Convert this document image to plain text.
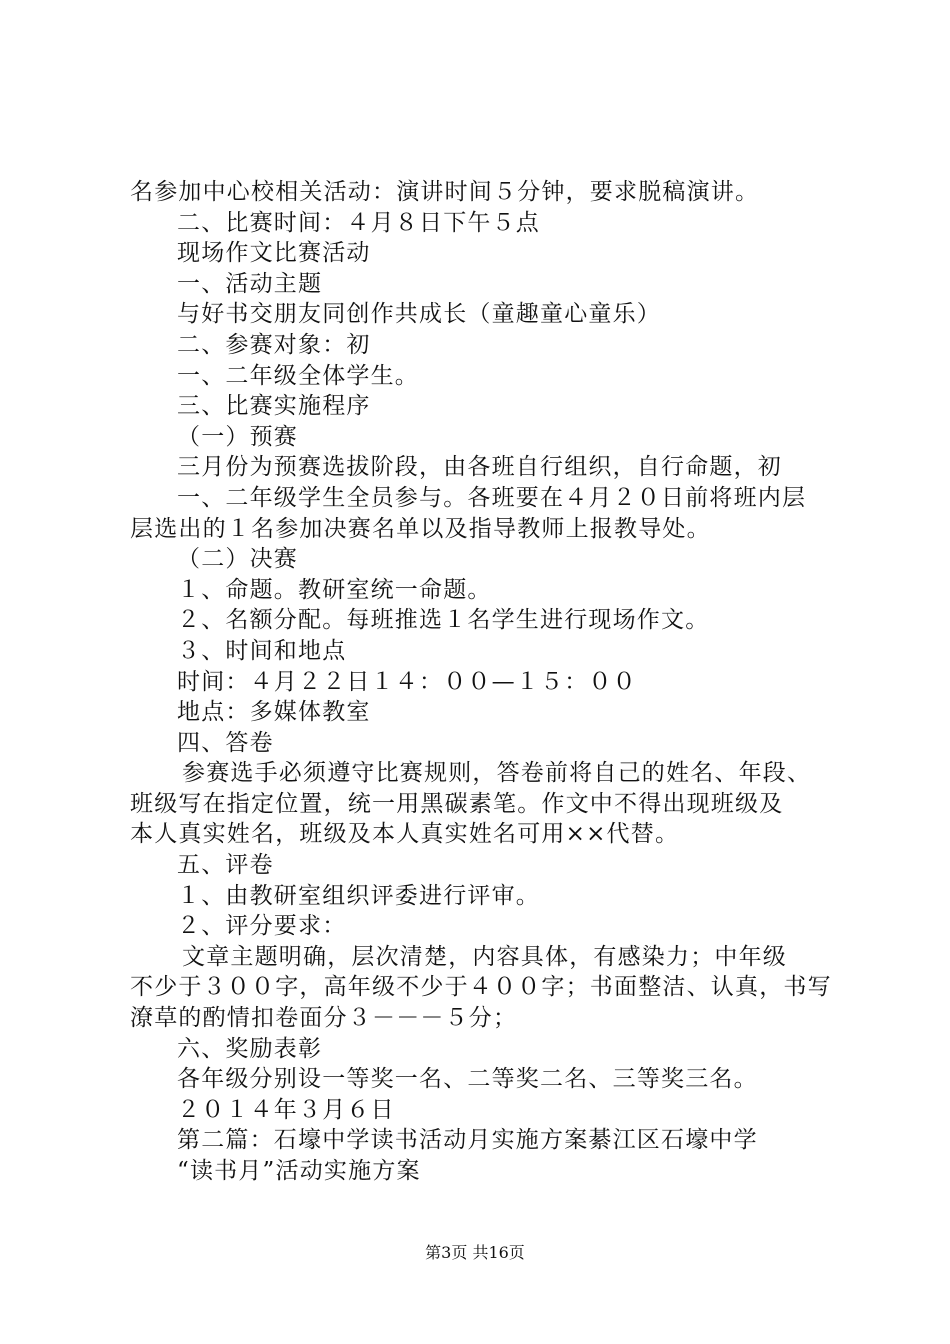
名参加中心校相关活动：演讲时间５分钟，要求脱稿演讲。
二、比赛时间：４月８日下午５点
现场作文比赛活动
一、活动主题
与好书交朋友同创作共成长（童趣童心童乐）
二、参赛对象：初
一、二年级全体学生。
三、比赛实施程序
（一）预赛
三月份为预赛选拔阶段，由各班自行组织，自行命题，初
一、二年级学生全员参与。各班要在４月２０日前将班内层
层选出的１名参加决赛名单以及指导教师上报教导处。
（二）决赛
１、命题。教研室统一命题。
２、名额分配。每班推选１名学生进行现场作文。
３、时间和地点
时间：４月２２日１４：００—１５：００
地点：多媒体教室
四、答卷
参赛选手必须遵守比赛规则，答卷前将自己的姓名、年段、
班级写在指定位置，统一用黑碳素笔。作文中不得出现班级及
本人真实姓名，班级及本人真实姓名可用××代替。
五、评卷
１、由教研室组织评委进行评审。
２、评分要求：
文章主题明确，层次清楚，内容具体，有感染力；中年级
不少于３００字，高年级不少于４００字；书面整洁、认真，书写
潦草的酌情扣卷面分３－－－５分；
六、奖励表彰
各年级分别设一等奖一名、二等奖二名、三等奖三名。
２０１４年３月６日
第二篇：石壕中学读书活动月实施方案綦江区石壕中学
“读书月”活动实施方案
第3页 共16页
